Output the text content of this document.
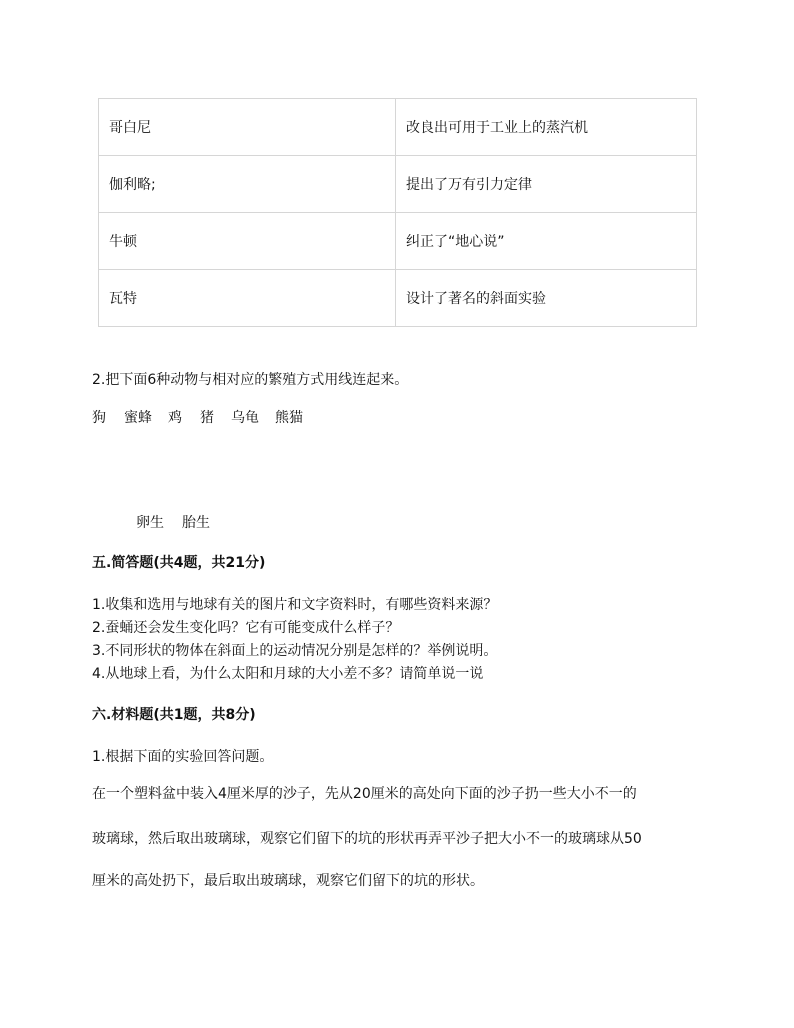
哥白尼	改良出可用于工业上的蒸汽机
伽利略;	提出了万有引力定律
牛顿	纠正了“地心说”
瓦特	设计了著名的斜面实验
2.把下面6种动物与相对应的繁殖方式用线连起来。
狗 蜜蜂 鸡 猪 乌龟 熊猫
卵生 胎生
五.简答题(共4题，共21分)
1.收集和选用与地球有关的图片和文字资料时，有哪些资料来源？
2.蚕蛹还会发生变化吗？它有可能变成什么样子？
3.不同形状的物体在斜面上的运动情况分别是怎样的？举例说明。
4.从地球上看，为什么太阳和月球的大小差不多？请简单说一说
六.材料题(共1题，共8分)
1.根据下面的实验回答问题。
在一个塑料盆中装入4厘米厚的沙子，先从20厘米的高处向下面的沙子扔一些大小不一的
玻璃球，然后取出玻璃球，观察它们留下的坑的形状再弄平沙子把大小不一的玻璃球从50
厘米的高处扔下，最后取出玻璃球，观察它们留下的坑的形状。
